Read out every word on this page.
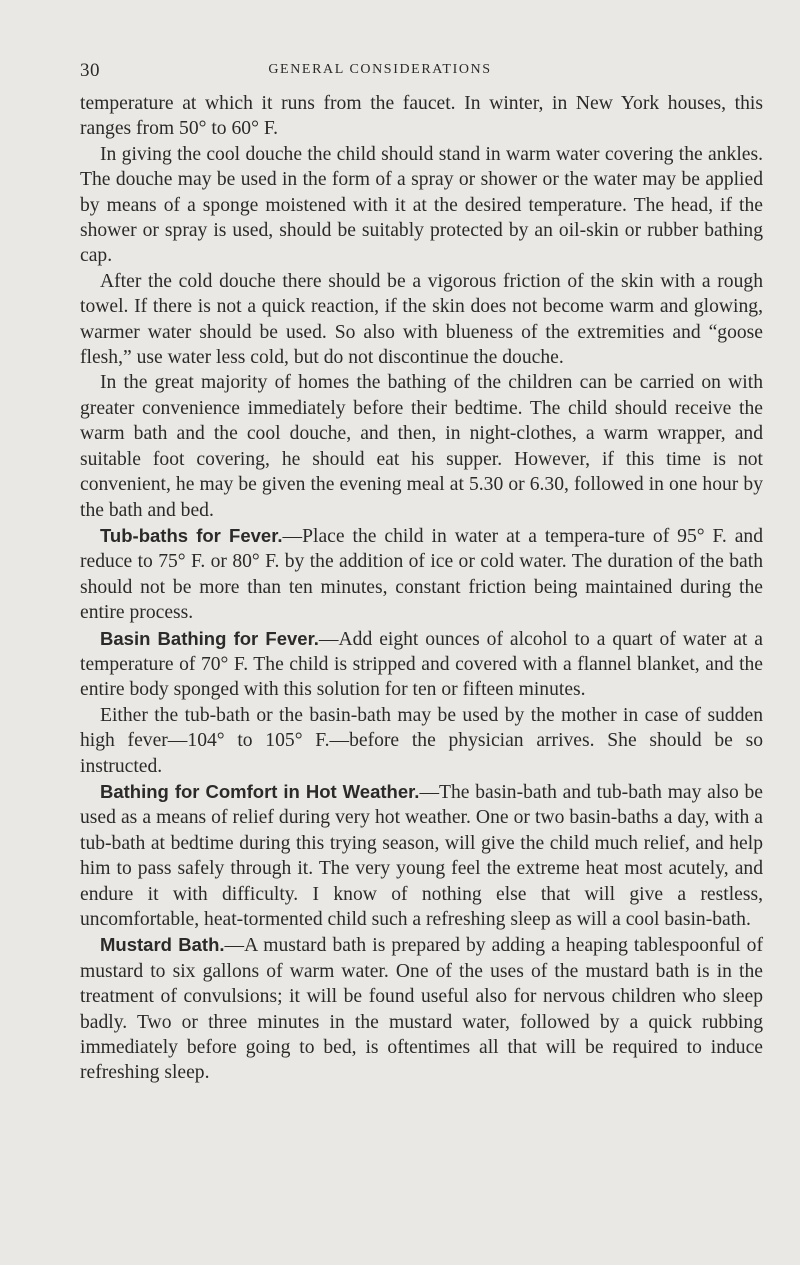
30	GENERAL CONSIDERATIONS

temperature at which it runs from the faucet. In winter, in New York houses, this ranges from 50° to 60° F.

In giving the cool douche the child should stand in warm water covering the ankles. The douche may be used in the form of a spray or shower or the water may be applied by means of a sponge moistened with it at the desired temperature. The head, if the shower or spray is used, should be suitably protected by an oil-skin or rubber bathing cap.

After the cold douche there should be a vigorous friction of the skin with a rough towel. If there is not a quick reaction, if the skin does not become warm and glowing, warmer water should be used. So also with blueness of the extremities and “goose flesh,” use water less cold, but do not discontinue the douche.

In the great majority of homes the bathing of the children can be carried on with greater convenience immediately before their bedtime. The child should receive the warm bath and the cool douche, and then, in night-clothes, a warm wrapper, and suitable foot covering, he should eat his supper. However, if this time is not convenient, he may be given the evening meal at 5.30 or 6.30, followed in one hour by the bath and bed.

Tub-baths for Fever.—Place the child in water at a tempera-ture of 95° F. and reduce to 75° F. or 80° F. by the addition of ice or cold water. The duration of the bath should not be more than ten minutes, constant friction being maintained during the entire process.

Basin Bathing for Fever.—Add eight ounces of alcohol to a quart of water at a temperature of 70° F. The child is stripped and covered with a flannel blanket, and the entire body sponged with this solution for ten or fifteen minutes.

Either the tub-bath or the basin-bath may be used by the mother in case of sudden high fever—104° to 105° F.—before the physician arrives. She should be so instructed.

Bathing for Comfort in Hot Weather.—The basin-bath and tub-bath may also be used as a means of relief during very hot weather. One or two basin-baths a day, with a tub-bath at bedtime during this trying season, will give the child much relief, and help him to pass safely through it. The very young feel the extreme heat most acutely, and endure it with difficulty. I know of nothing else that will give a restless, uncomfortable, heat-tormented child such a refreshing sleep as will a cool basin-bath.

Mustard Bath.—A mustard bath is prepared by adding a heaping tablespoonful of mustard to six gallons of warm water. One of the uses of the mustard bath is in the treatment of convulsions; it will be found useful also for nervous children who sleep badly. Two or three minutes in the mustard water, followed by a quick rubbing immediately before going to bed, is oftentimes all that will be required to induce refreshing sleep.
